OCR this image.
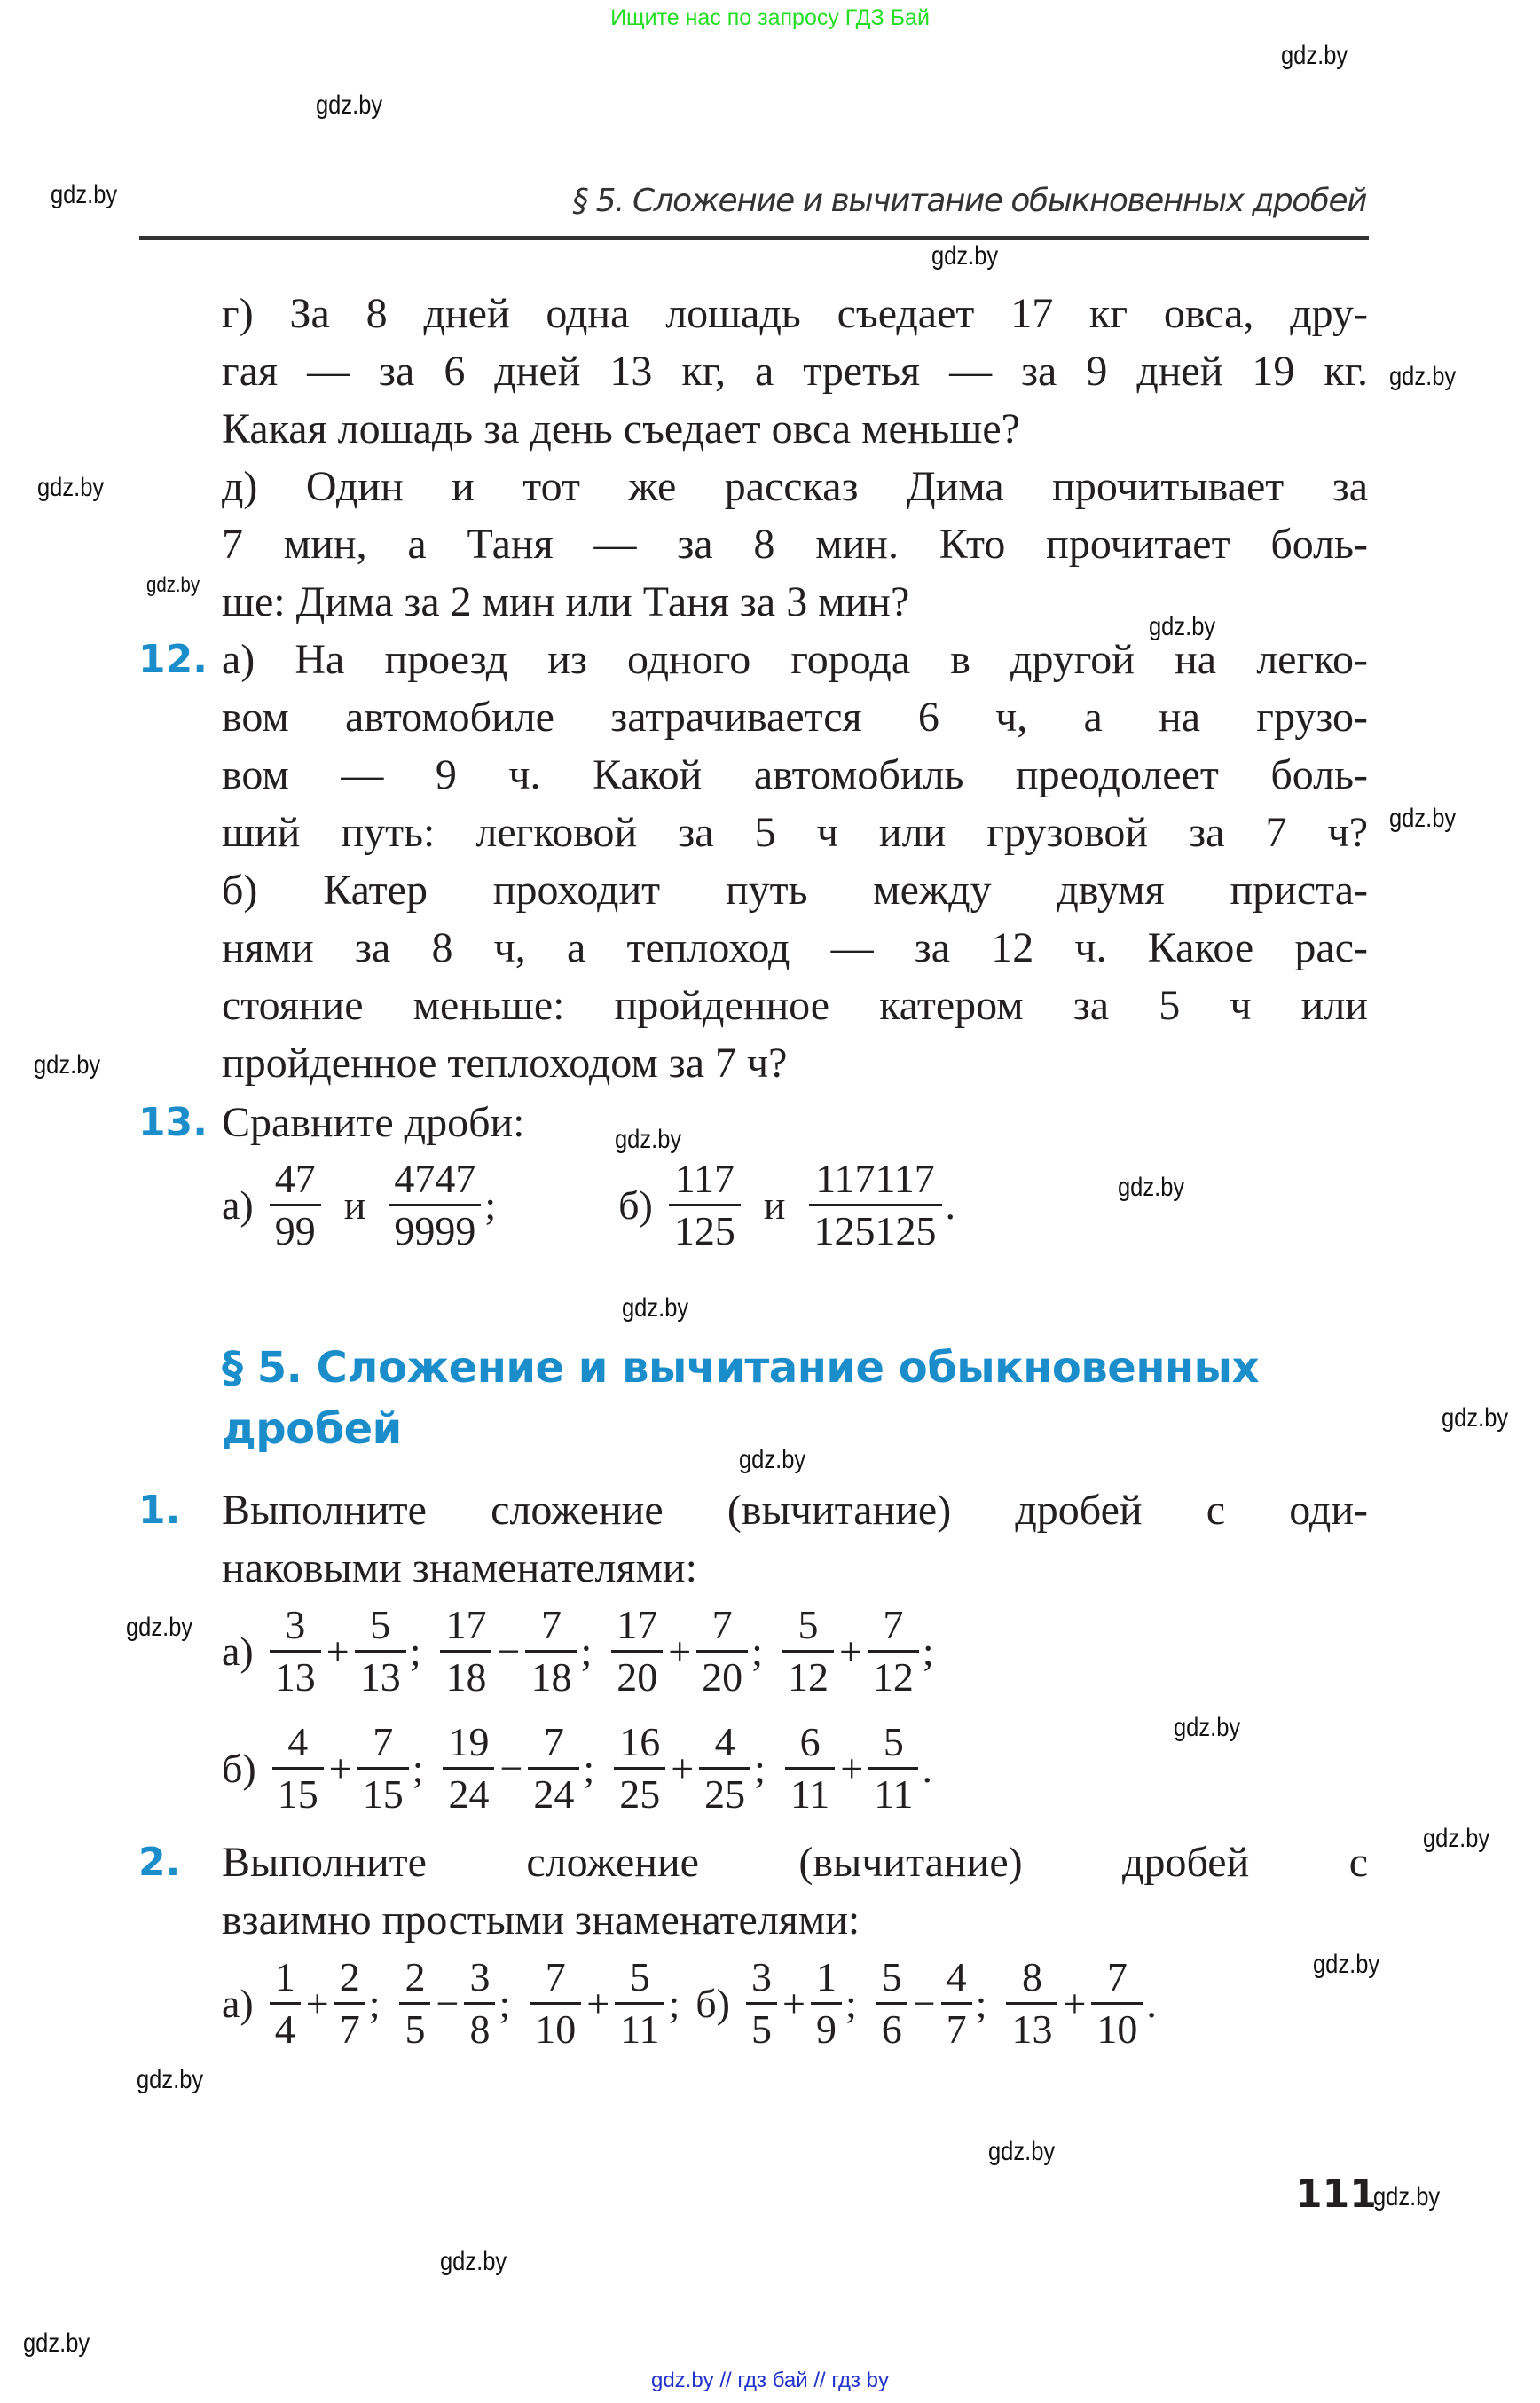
Ищите нас по запросу ГДЗ Бай
§ 5. Сложение и вычитание обыкновенных дробей
г) За 8 дней одна лошадь съедает 17 кг овса, дру-
гая — за 6 дней 13 кг, а третья — за 9 дней 19 кг.
Какая лошадь за день съедает овса меньше?
д) Один и тот же рассказ Дима прочитывает за
7 мин, а Таня — за 8 мин. Кто прочитает боль-
ше: Дима за 2 мин или Таня за 3 мин?
12. а) На проезд из одного города в другой на легко-
вом автомобиле затрачивается 6 ч, а на грузо-
вом — 9 ч. Какой автомобиль преодолеет боль-
ший путь: легковой за 5 ч или грузовой за 7 ч?
б) Катер проходит путь между двумя приста-
нями за 8 ч, а теплоход — за 12 ч. Какое рас-
стояние меньше: пройденное катером за 5 ч или
пройденное теплоходом за 7 ч?
13. Сравните дроби:
$а) \frac{47}{99}$ и $\frac{4747}{9999}$ ;	$б) \frac{117}{125}$ и $\frac{117117}{125125}$ .
§ 5. Сложение и вычитание обыкновенных
дробей
1. Выполните сложение (вычитание) дробей с оди-
наковыми знаменателями:
$а) \frac{3}{13} + \frac{5}{13}$ ; $\frac{17}{18} - \frac{7}{18}$ ; $\frac{17}{20} + \frac{7}{20}$ ; $\frac{5}{12} + \frac{7}{12}$ ;
$б) \frac{4}{15} + \frac{7}{15}$ ; $\frac{19}{24} - \frac{7}{24}$ ; $\frac{16}{25} + \frac{4}{25}$ ; $\frac{6}{11} + \frac{5}{11}$ .
2. Выполните сложение (вычитание) дробей с
взаимно простыми знаменателями:
$а) \frac{1}{4} + \frac{2}{7}$ ; $\frac{2}{5} - \frac{3}{8}$ ; $\frac{7}{10} + \frac{5}{11}$ ; $б) \frac{3}{5} + \frac{1}{9}$ ; $\frac{5}{6} - \frac{4}{7}$ ; $\frac{8}{13} + \frac{7}{10}$ .
111
gdz.by
gdz.by
gdz.by
gdz.by
gdz.by
gdz.by
gdz.by
gdz.by
gdz.by
gdz.by
gdz.by
gdz.by
gdz.by
gdz.by
gdz.by
gdz.by
gdz.by
gdz.by
gdz.by
gdz.by
gdz.by
gdz.by
gdz.by
gdz.by
gdz.by // гдз бай // гдз by
